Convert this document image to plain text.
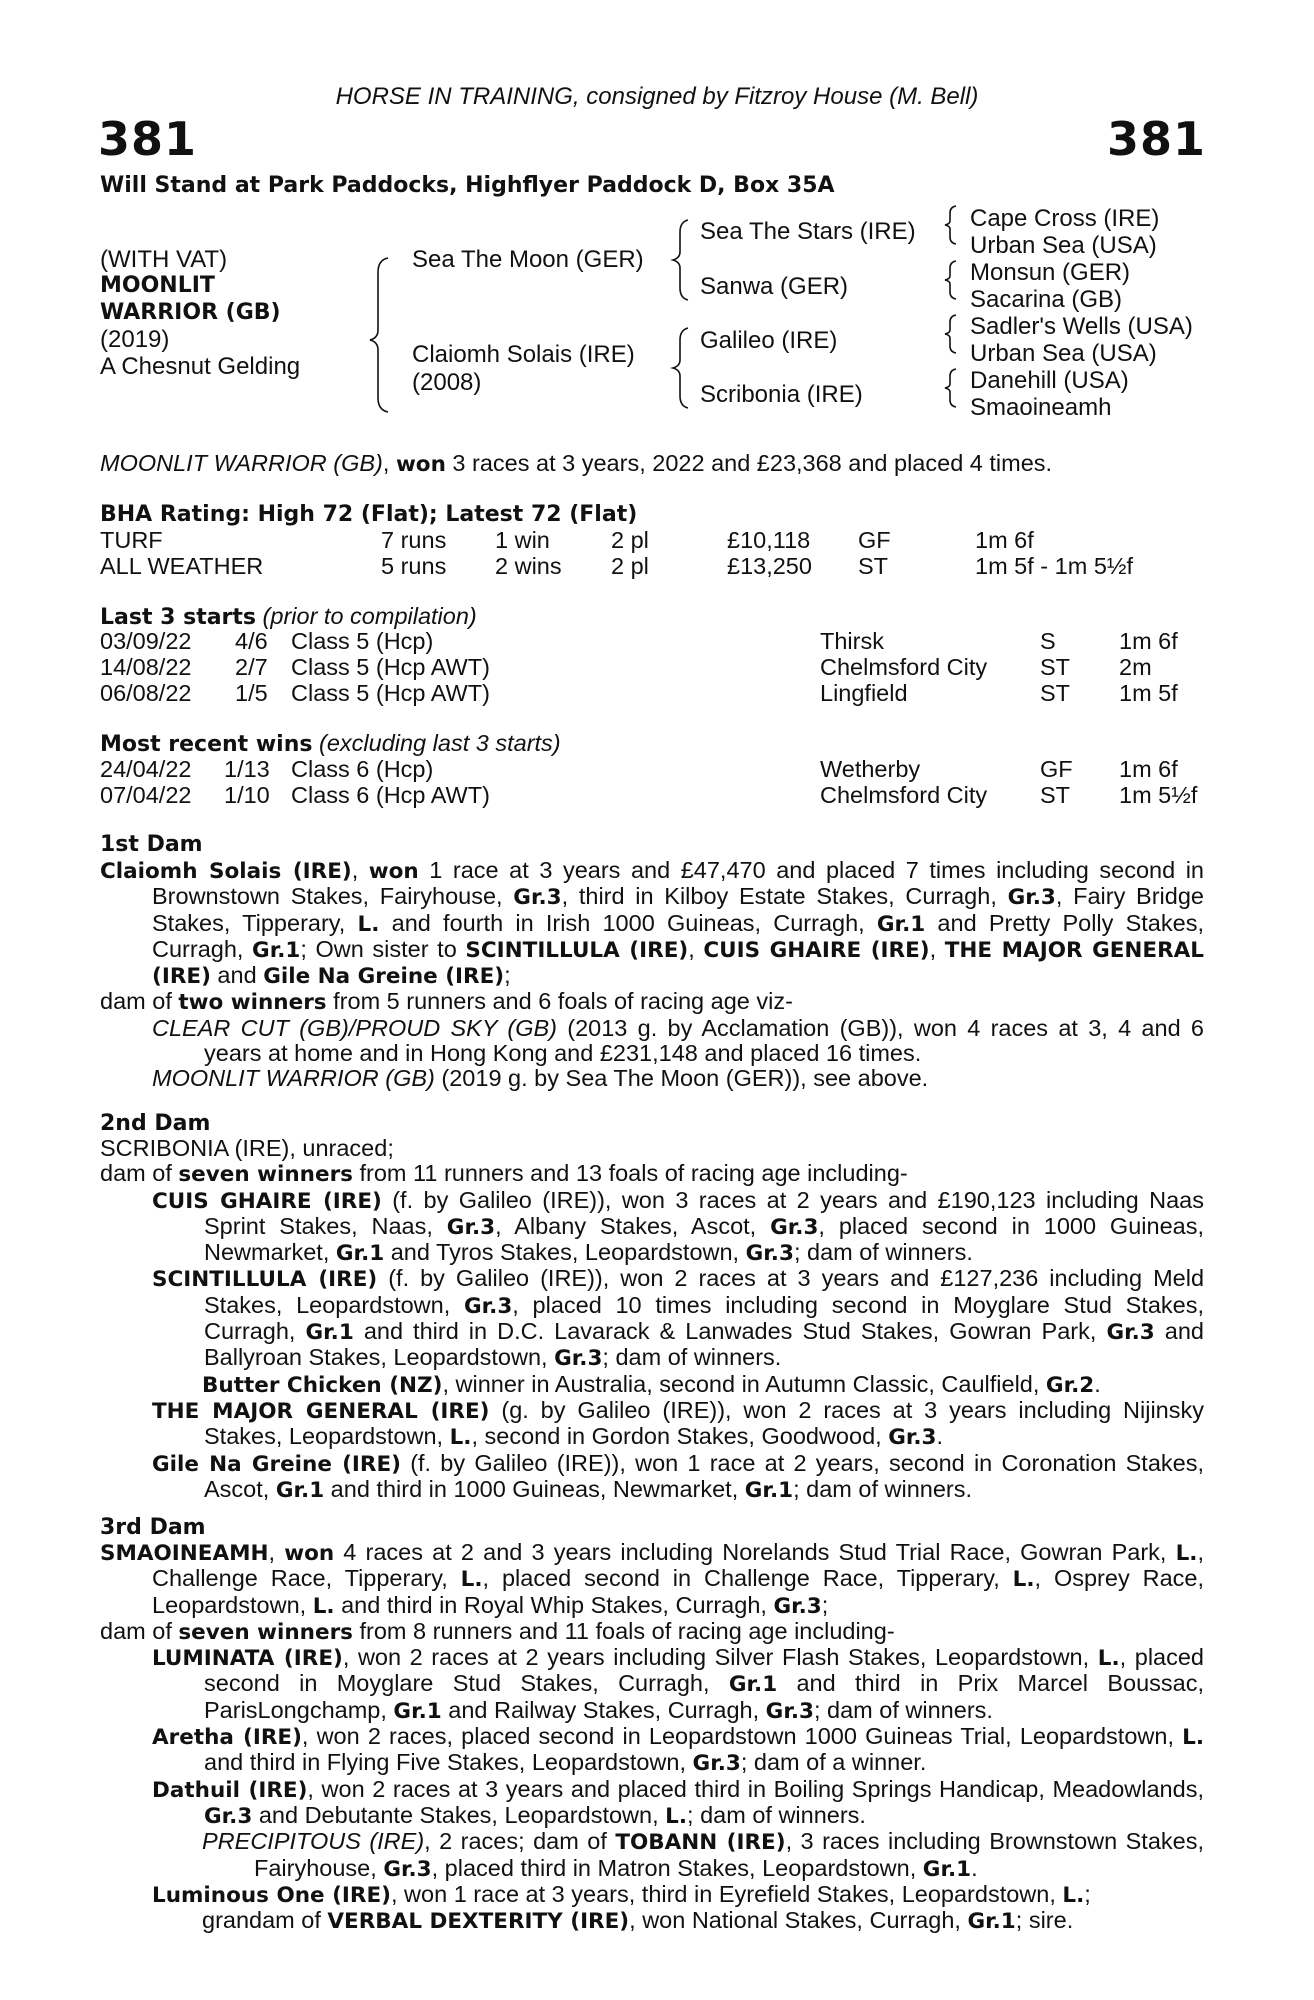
HORSE IN TRAINING, consigned by Fitzroy House (M. Bell)
381	381
Will Stand at Park Paddocks, Highflyer Paddock D, Box 35A
(WITH VAT)
MOONLIT
WARRIOR (GB)
(2019)
A Chesnut Gelding
Sea The Moon (GER)
Claiomh Solais (IRE)
(2008)
Sea The Stars (IRE)
Sanwa (GER)
Galileo (IRE)
Scribonia (IRE)
Cape Cross (IRE)
Urban Sea (USA)
Monsun (GER)
Sacarina (GB)
Sadler's Wells (USA)
Urban Sea (USA)
Danehill (USA)
Smaoineamh
MOONLIT WARRIOR (GB), won 3 races at 3 years, 2022 and £23,368 and placed 4 times.
BHA Rating: High 72 (Flat); Latest 72 (Flat)
TURF	7 runs 1 win	2 pl	£10,118 GF	1m 6f
ALL WEATHER	5 runs 2 wins 2 pl	£13,250 ST	1m 5f - 1m 5½f
Last 3 starts (prior to compilation)
03/09/22 4/6 Class 5 (Hcp)	Thirsk	S	1m 6f
14/08/22 2/7 Class 5 (Hcp AWT)	Chelmsford City ST 2m
06/08/22 1/5 Class 5 (Hcp AWT)	Lingfield	ST 1m 5f
Most recent wins (excluding last 3 starts)
24/04/22 1/13 Class 6 (Hcp)	Wetherby	GF 1m 6f
07/04/22 1/10 Class 6 (Hcp AWT)	Chelmsford City ST 1m 5½f
1st Dam

Claiomh Solais (IRE), won 1 race at 3 years and £47,470 and placed 7 times including second in Brownstown Stakes, Fairyhouse, Gr.3, third in Kilboy Estate Stakes, Curragh, Gr.3, Fairy Bridge Stakes, Tipperary, L. and fourth in Irish 1000 Guineas, Curragh, Gr.1 and Pretty Polly Stakes, Curragh, Gr.1; Own sister to SCINTILLULA (IRE), CUIS GHAIRE (IRE), THE MAJOR GENERAL (IRE) and Gile Na Greine (IRE);

dam of two winners from 5 runners and 6 foals of racing age viz-

CLEAR CUT (GB)/PROUD SKY (GB) (2013 g. by Acclamation (GB)), won 4 races at 3, 4 and 6 years at home and in Hong Kong and £231,148 and placed 16 times.

MOONLIT WARRIOR (GB) (2019 g. by Sea The Moon (GER)), see above.

2nd Dam

SCRIBONIA (IRE), unraced;

dam of seven winners from 11 runners and 13 foals of racing age including-

CUIS GHAIRE (IRE) (f. by Galileo (IRE)), won 3 races at 2 years and £190,123 including Naas Sprint Stakes, Naas, Gr.3, Albany Stakes, Ascot, Gr.3, placed second in 1000 Guineas, Newmarket, Gr.1 and Tyros Stakes, Leopardstown, Gr.3; dam of winners.

SCINTILLULA (IRE) (f. by Galileo (IRE)), won 2 races at 3 years and £127,236 including Meld Stakes, Leopardstown, Gr.3, placed 10 times including second in Moyglare Stud Stakes, Curragh, Gr.1 and third in D.C. Lavarack & Lanwades Stud Stakes, Gowran Park, Gr.3 and Ballyroan Stakes, Leopardstown, Gr.3; dam of winners.

Butter Chicken (NZ), winner in Australia, second in Autumn Classic, Caulfield, Gr.2.

THE MAJOR GENERAL (IRE) (g. by Galileo (IRE)), won 2 races at 3 years including Nijinsky Stakes, Leopardstown, L., second in Gordon Stakes, Goodwood, Gr.3.

Gile Na Greine (IRE) (f. by Galileo (IRE)), won 1 race at 2 years, second in Coronation Stakes, Ascot, Gr.1 and third in 1000 Guineas, Newmarket, Gr.1; dam of winners.

3rd Dam

SMAOINEAMH, won 4 races at 2 and 3 years including Norelands Stud Trial Race, Gowran Park, L., Challenge Race, Tipperary, L., placed second in Challenge Race, Tipperary, L., Osprey Race, Leopardstown, L. and third in Royal Whip Stakes, Curragh, Gr.3;

dam of seven winners from 8 runners and 11 foals of racing age including-

LUMINATA (IRE), won 2 races at 2 years including Silver Flash Stakes, Leopardstown, L., placed second in Moyglare Stud Stakes, Curragh, Gr.1 and third in Prix Marcel Boussac, ParisLongchamp, Gr.1 and Railway Stakes, Curragh, Gr.3; dam of winners.

Aretha (IRE), won 2 races, placed second in Leopardstown 1000 Guineas Trial, Leopardstown, L. and third in Flying Five Stakes, Leopardstown, Gr.3; dam of a winner.

Dathuil (IRE), won 2 races at 3 years and placed third in Boiling Springs Handicap, Meadowlands, Gr.3 and Debutante Stakes, Leopardstown, L.; dam of winners.

PRECIPITOUS (IRE), 2 races; dam of TOBANN (IRE), 3 races including Brownstown Stakes, Fairyhouse, Gr.3, placed third in Matron Stakes, Leopardstown, Gr.1.

Luminous One (IRE), won 1 race at 3 years, third in Eyrefield Stakes, Leopardstown, L.;

grandam of VERBAL DEXTERITY (IRE), won National Stakes, Curragh, Gr.1; sire.
